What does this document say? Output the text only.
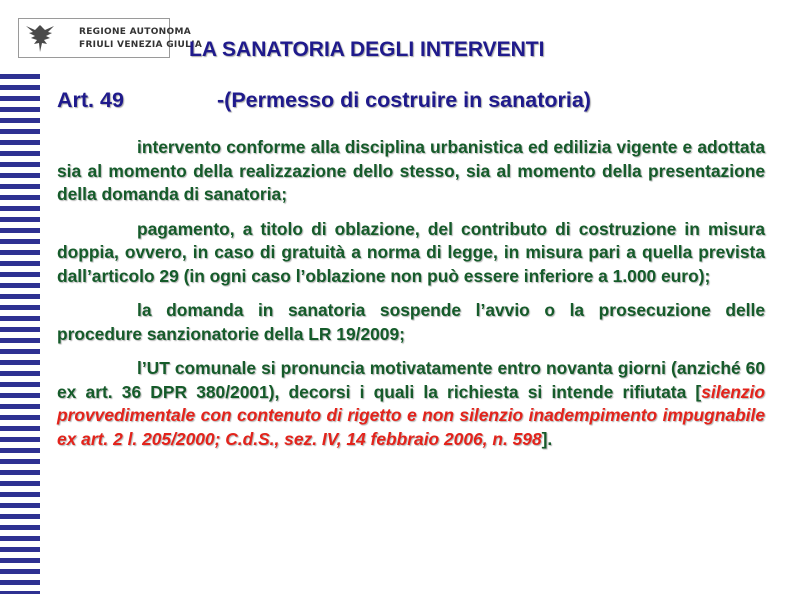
REGIONE AUTONOMA
FRIULI VENEZIA GIULIA
LA SANATORIA DEGLI INTERVENTI
Art. 49	-(Permesso di costruire in sanatoria)

intervento conforme alla disciplina urbanistica ed edilizia vigente e adottata sia al momento della realizzazione dello stesso, sia al momento della presentazione della domanda di sanatoria;

pagamento, a titolo di oblazione, del contributo di costruzione in misura doppia, ovvero, in caso di gratuità a norma di legge, in misura pari a quella prevista dall’articolo 29 (in ogni caso l’oblazione non può essere inferiore a 1.000 euro);

la domanda in sanatoria sospende l’avvio o la prosecuzione delle procedure sanzionatorie della LR 19/2009;

l’UT comunale si pronuncia motivatamente entro novanta giorni (anziché 60 ex art. 36 DPR 380/2001), decorsi i quali la richiesta si intende rifiutata [silenzio provvedimentale con contenuto di rigetto e non silenzio inadempimento impugnabile ex art. 2 l. 205/2000; C.d.S., sez. IV, 14 febbraio 2006, n. 598].
